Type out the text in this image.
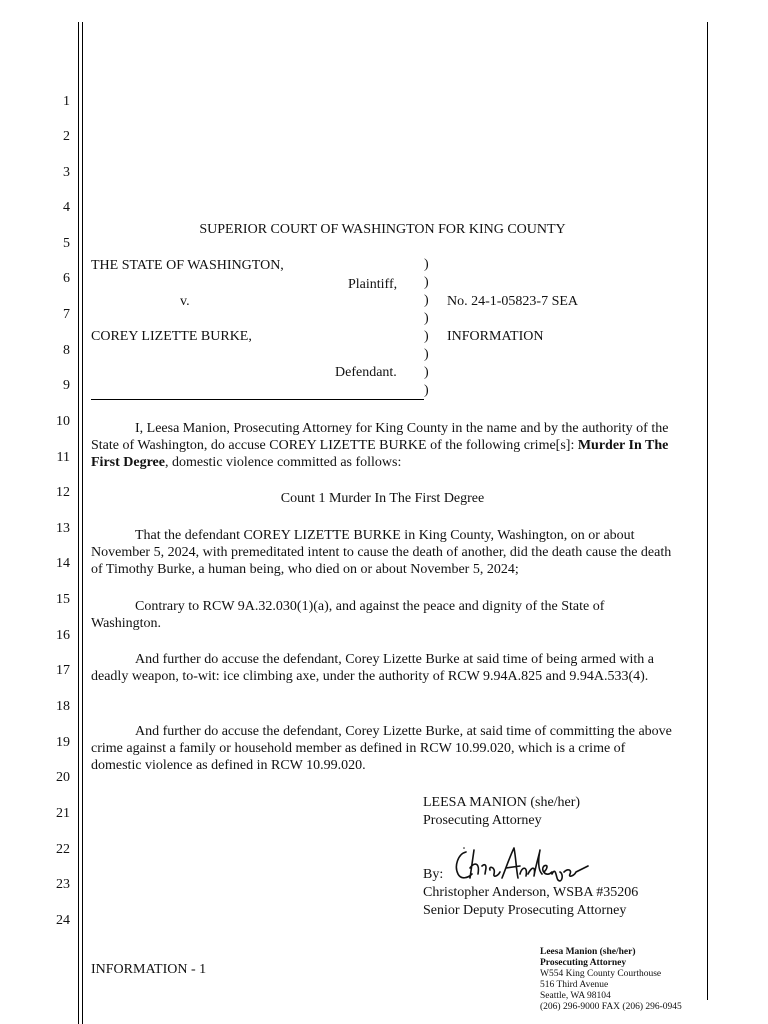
1
2
3
4
5
6
7
8
9
10
11
12
13
14
15
16
17
18
19
20
21
22
23
24
SUPERIOR COURT OF WASHINGTON FOR KING COUNTY
THE STATE OF WASHINGTON,
Plaintiff,
v.
COREY LIZETTE BURKE,
Defendant.
)
)
)
)
)
)
)
)
No. 24-1-05823-7 SEA
INFORMATION
I, Leesa Manion, Prosecuting Attorney for King County in the name and by the authority of the State of Washington, do accuse COREY LIZETTE BURKE of the following crime[s]: Murder In The First Degree, domestic violence committed as follows:
Count 1 Murder In The First Degree
That the defendant COREY LIZETTE BURKE in King County, Washington, on or about November 5, 2024, with premeditated intent to cause the death of another, did the death cause the death of Timothy Burke, a human being, who died on or about November 5, 2024;
Contrary to RCW 9A.32.030(1)(a), and against the peace and dignity of the State of Washington.
And further do accuse the defendant, Corey Lizette Burke at said time of being armed with a deadly weapon, to-wit: ice climbing axe, under the authority of RCW 9.94A.825 and 9.94A.533(4).
And further do accuse the defendant, Corey Lizette Burke, at said time of committing the above crime against a family or household member as defined in RCW 10.99.020, which is a crime of domestic violence as defined in RCW 10.99.020.
LEESA MANION (she/her)
Prosecuting Attorney
By:
Christopher Anderson, WSBA #35206
Senior Deputy Prosecuting Attorney
INFORMATION - 1
Leesa Manion (she/her)
Prosecuting Attorney
W554 King County Courthouse
516 Third Avenue
Seattle, WA 98104
(206) 296-9000 FAX (206) 296-0945
